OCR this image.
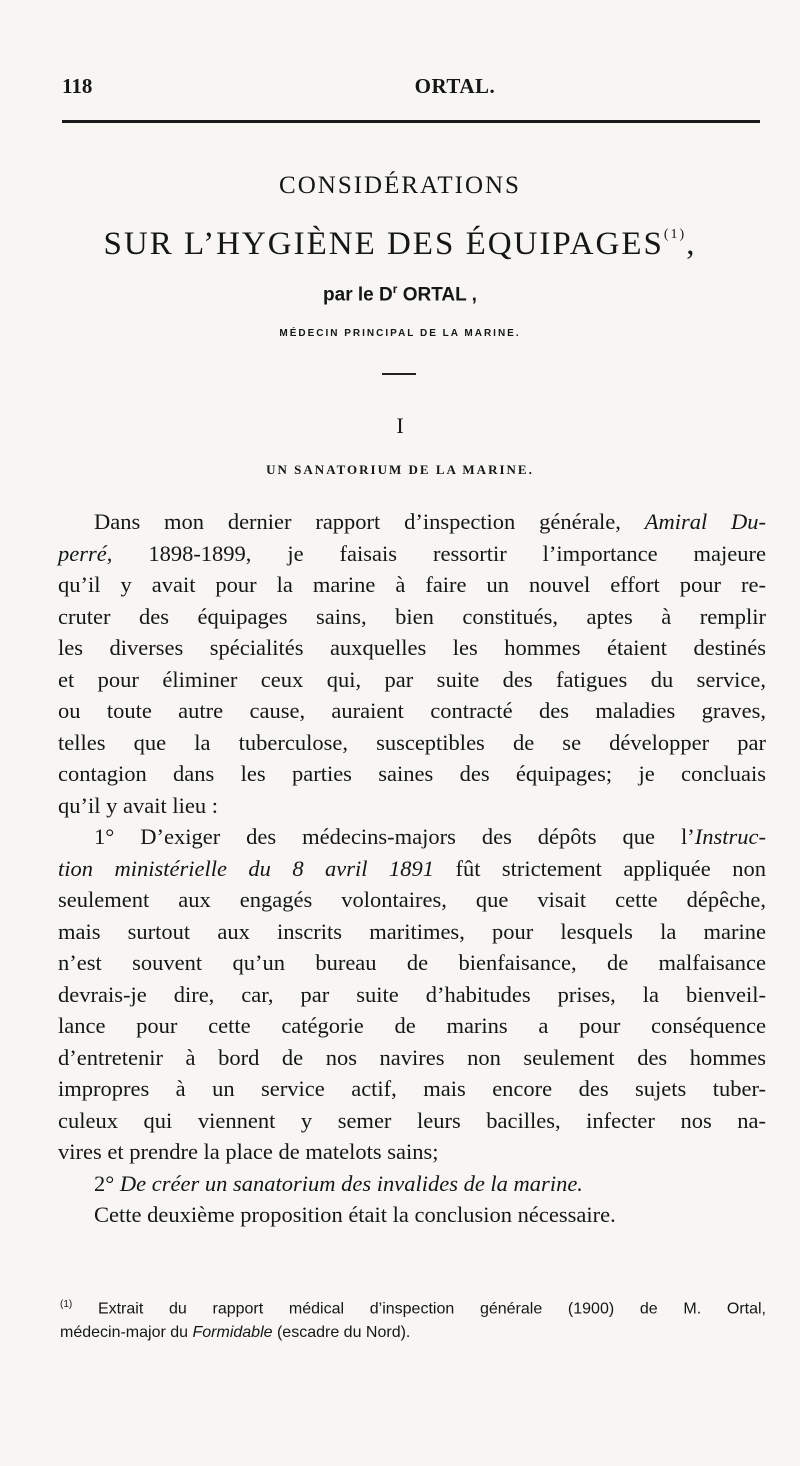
118	ORTAL.
CONSIDÉRATIONS
SUR L’HYGIÈNE DES ÉQUIPAGES$^{(1)}$,
par le $D^r$ ORTAL ,
MÉDECIN PRINCIPAL DE LA MARINE.
I
UN SANATORIUM DE LA MARINE.
Dans mon dernier rapport d’inspection générale, Amiral Du-
perré, 1898-1899, je faisais ressortir l’importance majeure
qu’il y avait pour la marine à faire un nouvel effort pour re-
cruter des équipages sains, bien constitués, aptes à remplir
les diverses spécialités auxquelles les hommes étaient destinés
et pour éliminer ceux qui, par suite des fatigues du service,
ou toute autre cause, auraient contracté des maladies graves,
telles que la tuberculose, susceptibles de se développer par
contagion dans les parties saines des équipages; je concluais
qu’il y avait lieu :
1° D’exiger des médecins-majors des dépôts que l’Instruc-
tion ministérielle du 8 avril 1891 fût strictement appliquée non
seulement aux engagés volontaires, que visait cette dépêche,
mais surtout aux inscrits maritimes, pour lesquels la marine
n’est souvent qu’un bureau de bienfaisance, de malfaisance
devrais-je dire, car, par suite d’habitudes prises, la bienveil-
lance pour cette catégorie de marins a pour conséquence
d’entretenir à bord de nos navires non seulement des hommes
impropres à un service actif, mais encore des sujets tuber-
culeux qui viennent y semer leurs bacilles, infecter nos na-
vires et prendre la place de matelots sains;
2° De créer un sanatorium des invalides de la marine.
Cette deuxième proposition était la conclusion nécessaire.
$^{(1)}$ Extrait du rapport médical d’inspection générale (1900) de M. Ortal,
médecin-major du Formidable (escadre du Nord).
